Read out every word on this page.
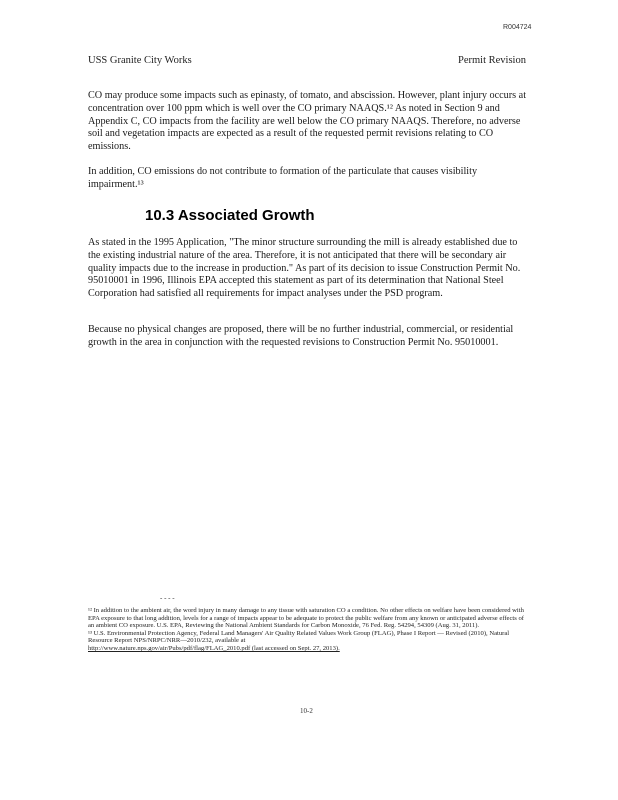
R004724
USS Granite City Works	Permit Revision

CO may produce some impacts such as epinasty, of tomato, and abscission. However, plant injury occurs at concentration over 100 ppm which is well over the CO primary NAAQS.¹² As noted in Section 9 and Appendix C, CO impacts from the facility are well below the CO primary NAAQS. Therefore, no adverse soil and vegetation impacts are expected as a result of the requested permit revisions relating to CO emissions.

In addition, CO emissions do not contribute to formation of the particulate that causes visibility impairment.¹³

10.3 Associated Growth

As stated in the 1995 Application, "The minor structure surrounding the mill is already established due to the existing industrial nature of the area. Therefore, it is not anticipated that there will be secondary air quality impacts due to the increase in production." As part of its decision to issue Construction Permit No. 95010001 in 1996, Illinois EPA accepted this statement as part of its determination that National Steel Corporation had satisfied all requirements for impact analyses under the PSD program.

Because no physical changes are proposed, there will be no further industrial, commercial, or residential growth in the area in conjunction with the requested revisions to Construction Permit No. 95010001.

- - - -

¹² In addition to the ambient air, the word injury in many damage to any tissue with saturation CO a condition. No other effects on welfare have been considered with EPA exposure to that long addition, levels for a range of impacts appear to be adequate to protect the public welfare from any known or anticipated adverse effects of an ambient CO exposure. U.S. EPA, Reviewing the National Ambient Standards for Carbon Monoxide, 76 Fed. Reg. 54294, 54309 (Aug. 31, 2011).

¹³ U.S. Environmental Protection Agency, Federal Land Managers' Air Quality Related Values Work Group (FLAG), Phase I Report — Revised (2010), Natural Resource Report NPS/NRPC/NRR—2010/232, available at

http://www.nature.nps.gov/air/Pubs/pdf/flag/FLAG_2010.pdf (last accessed on Sept. 27, 2013).

10-2
